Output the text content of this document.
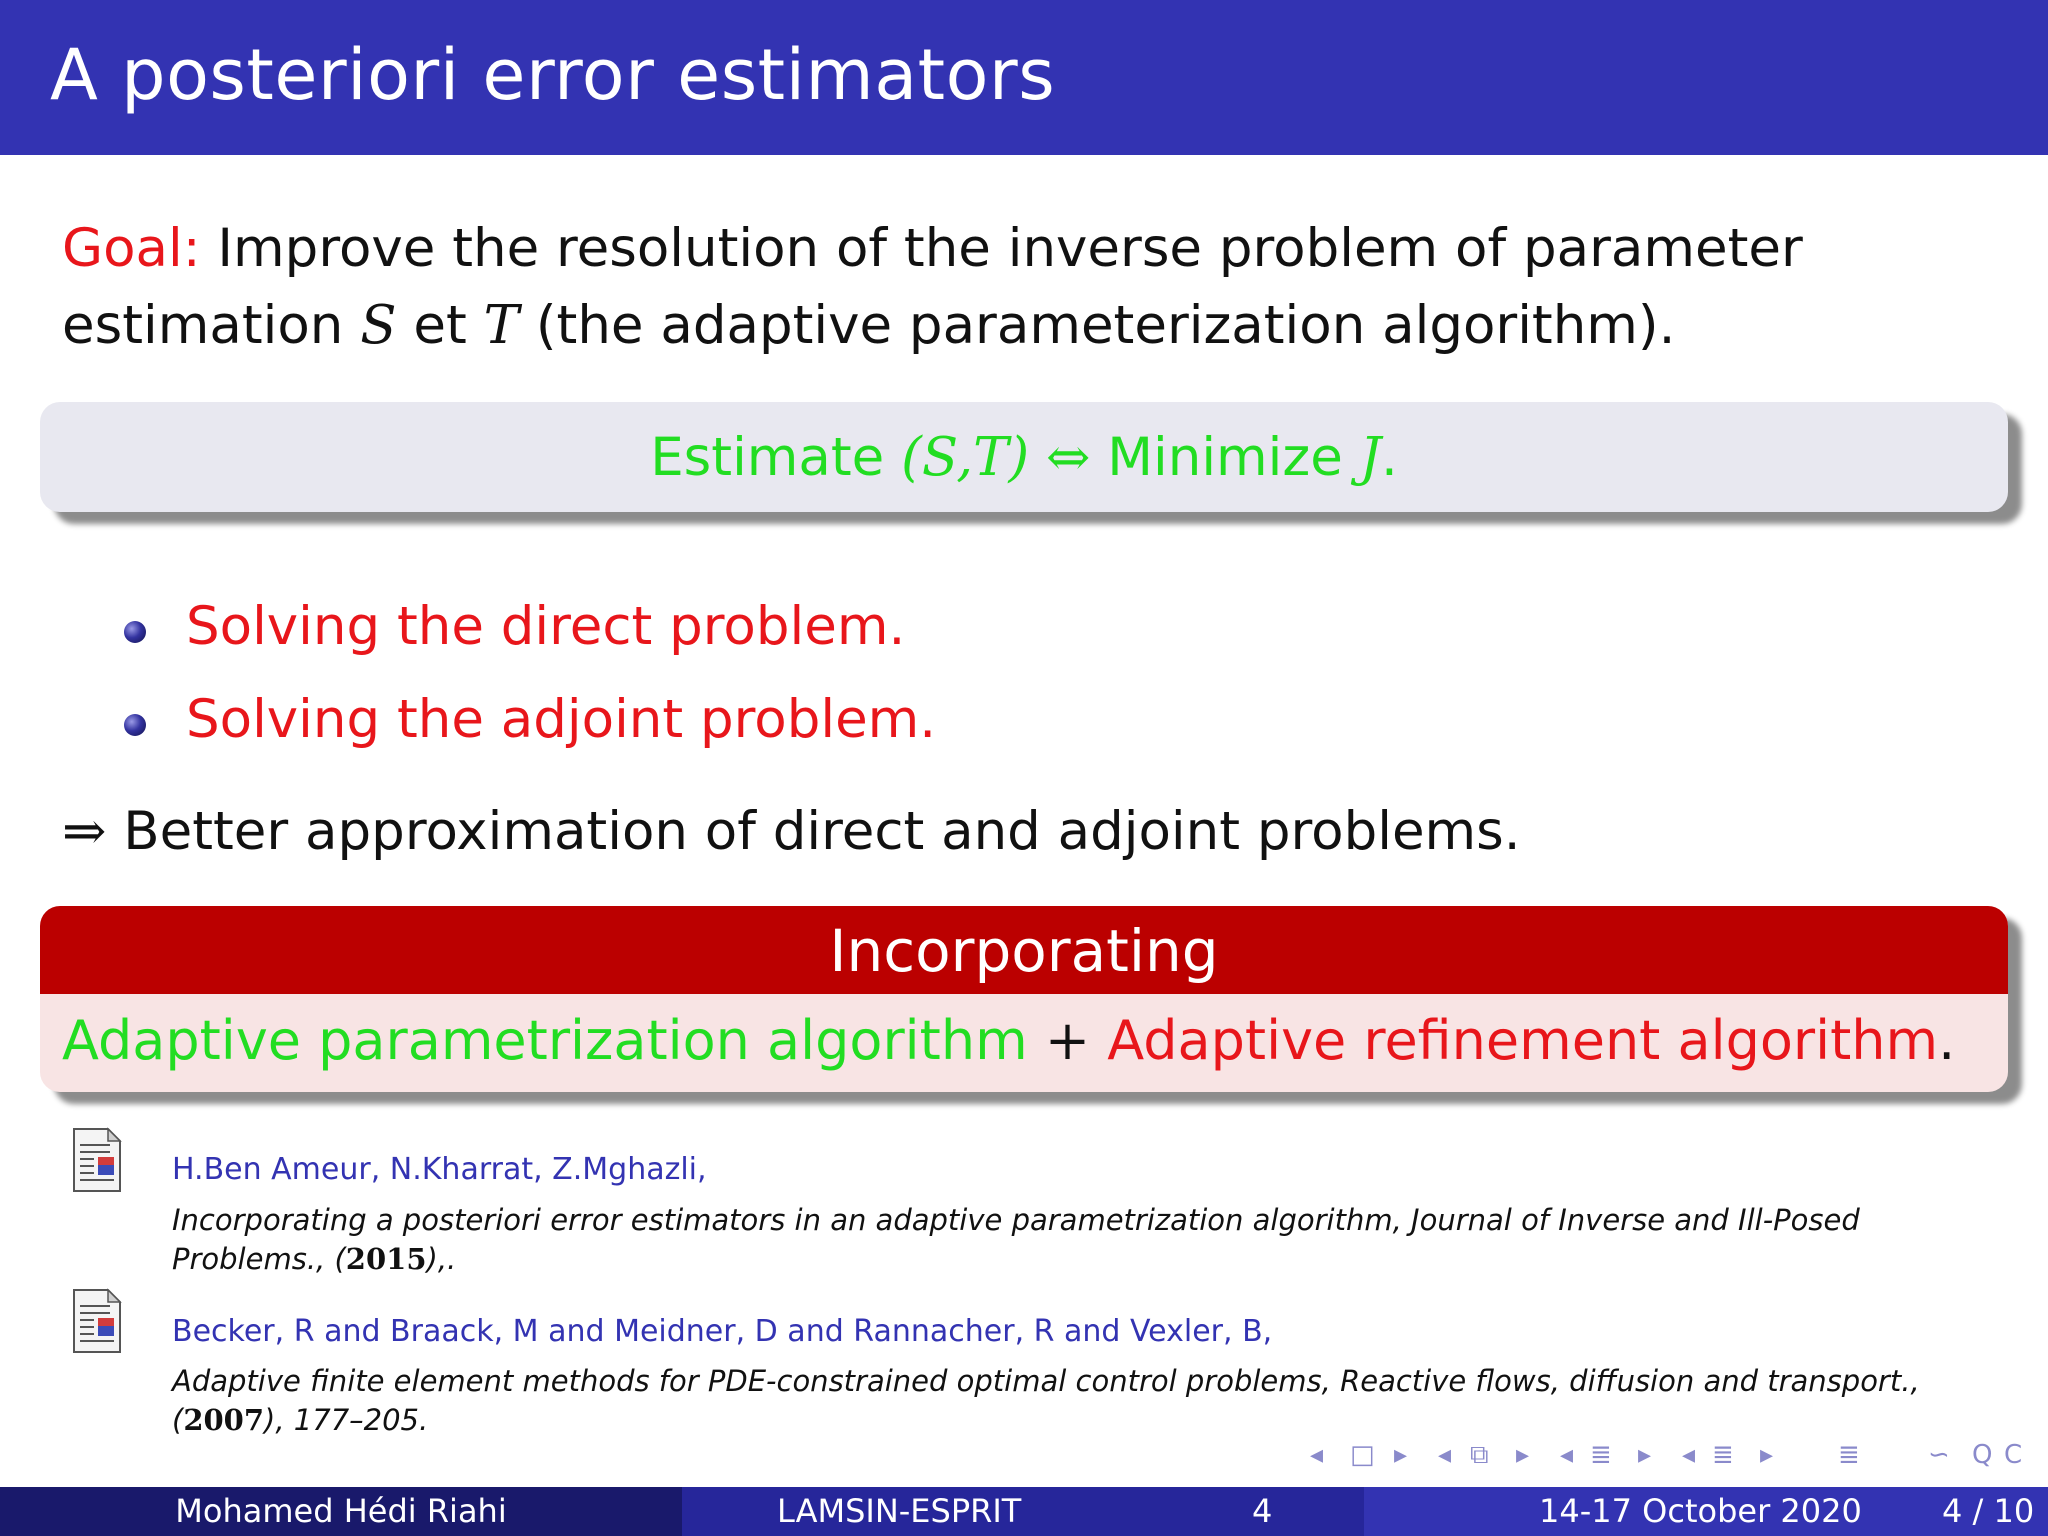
A posteriori error estimators
Goal: Improve the resolution of the inverse problem of parameter
estimation S et T (the adaptive parameterization algorithm).
Estimate (S,T) ⇔ Minimize J.
Solving the direct problem.
Solving the adjoint problem.
⇒ Better approximation of direct and adjoint problems.
Incorporating
Adaptive parametrization algorithm + Adaptive refinement algorithm.
H.Ben Ameur, N.Kharrat, Z.Mghazli,
Incorporating a posteriori error estimators in an adaptive parametrization algorithm, Journal of Inverse and Ill-Posed Problems., (2015),.
Becker, R and Braack, M and Meidner, D and Rannacher, R and Vexler, B,
Adaptive finite element methods for PDE-constrained optimal control problems, Reactive flows, diffusion and transport., (2007), 177–205.
◂ □ ▸ ◂ ⧉ ▸ ◂ ≣ ▸ ◂ ≣ ▸ ≣	∽ Q C
Mohamed Hédi Riahi	LAMSIN-ESPRIT	4	14-17 October 2020	4 / 10
